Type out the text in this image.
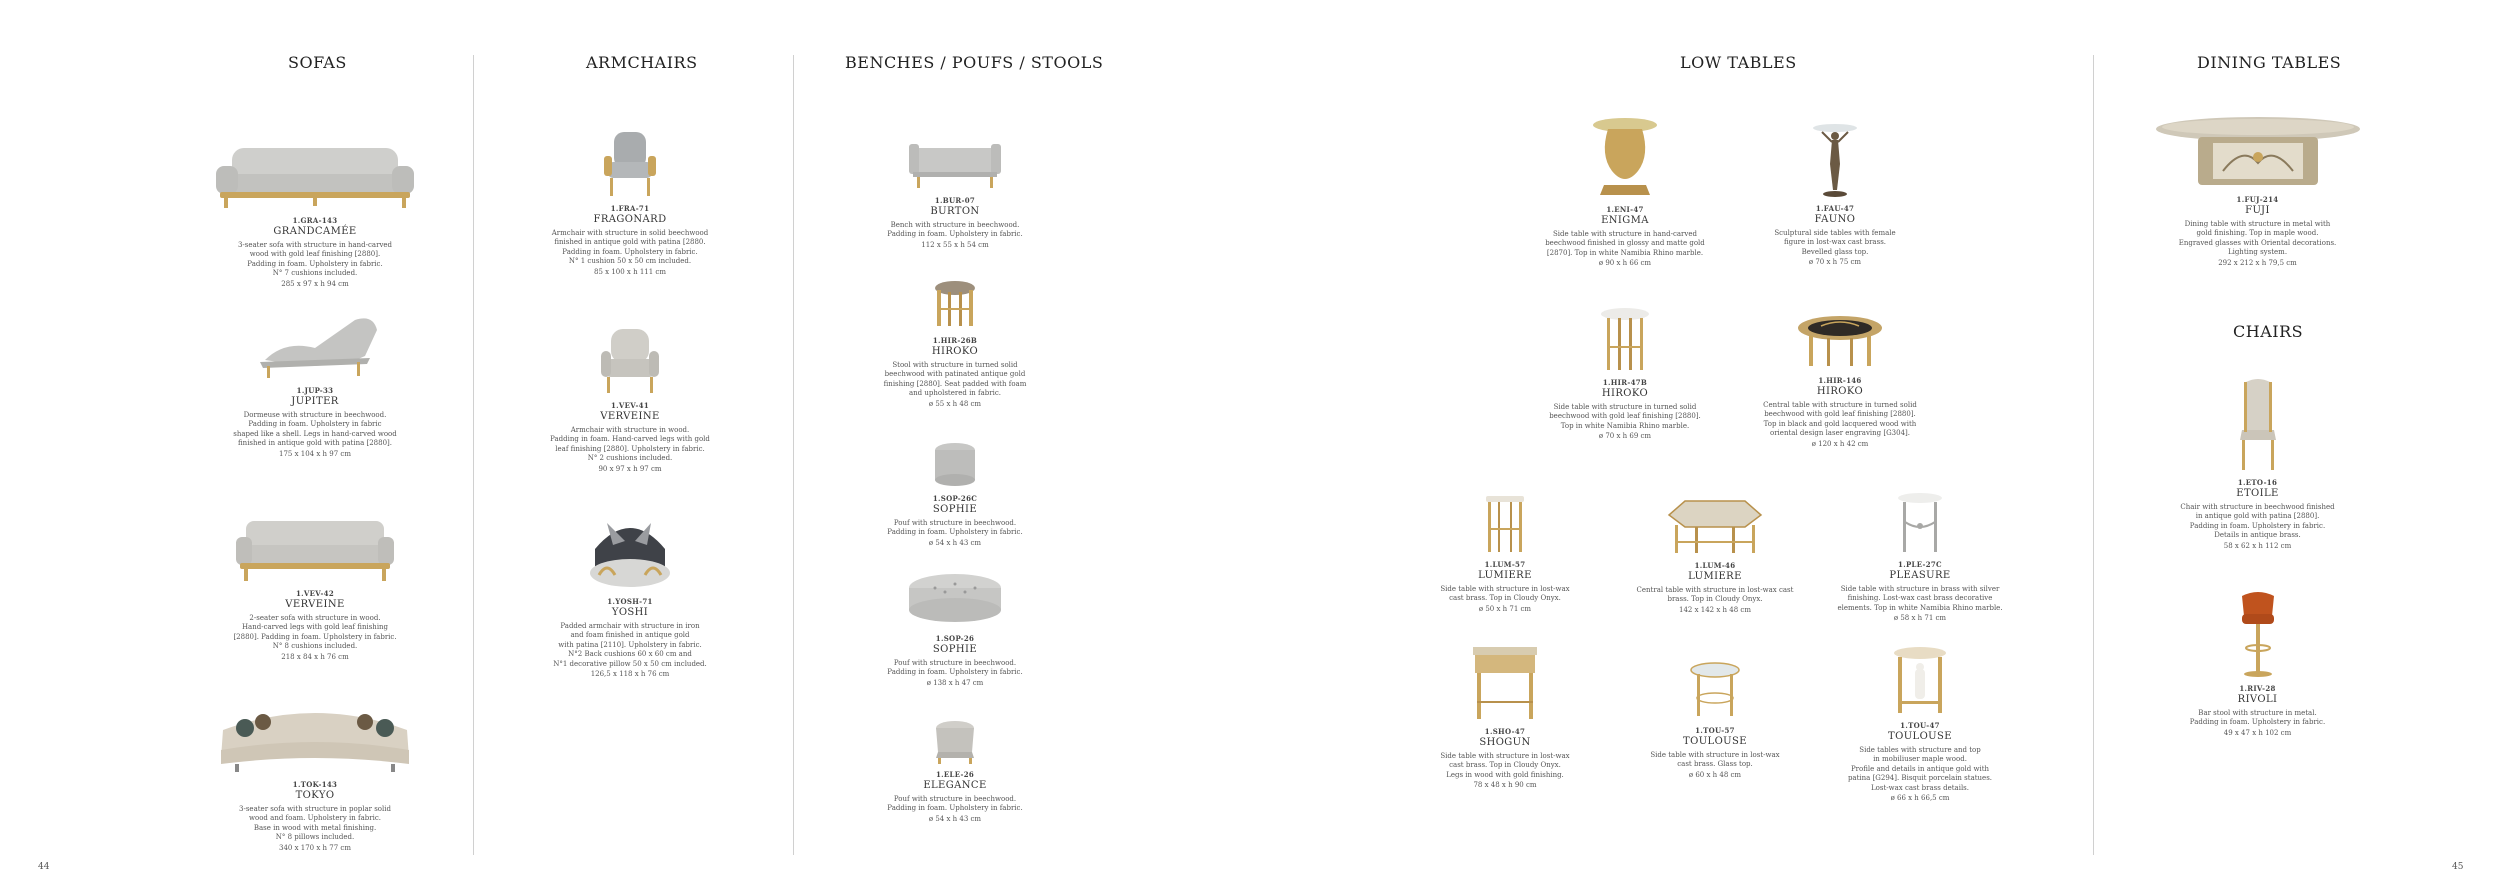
SOFAS	ARMCHAIRS	BENCHES / POUFS / STOOLS	LOW TABLES	DINING TABLES
CHAIRS
1.GRA-143
GRANDCAMÉE
3-seater sofa with structure in hand-carved
wood with gold leaf finishing [2880].
Padding in foam. Upholstery in fabric.
N° 7 cushions included.
285 x 97 x h 94 cm
1.JUP-33
JUPITER
Dormeuse with structure in beechwood.
Padding in foam. Upholstery in fabric
shaped like a shell. Legs in hand-carved wood
finished in antique gold with patina [2880].
175 x 104 x h 97 cm
1.VEV-42
VERVEINE
2-seater sofa with structure in wood.
Hand-carved legs with gold leaf finishing
[2880]. Padding in foam. Upholstery in fabric.
N° 8 cushions included.
218 x 84 x h 76 cm
1.TOK-143
TOKYO
3-seater sofa with structure in poplar solid
wood and foam. Upholstery in fabric.
Base in wood with metal finishing.
N° 8 pillows included.
340 x 170 x h 77 cm
1.FRA-71
FRAGONARD
Armchair with structure in solid beechwood
finished in antique gold with patina [2880.
Padding in foam. Upholstery in fabric.
N° 1 cushion 50 x 50 cm included.
85 x 100 x h 111 cm
1.VEV-41
VERVEINE
Armchair with structure in wood.
Padding in foam. Hand-carved legs with gold
leaf finishing [2880]. Upholstery in fabric.
N° 2 cushions included.
90 x 97 x h 97 cm
1.YOSH-71
YOSHI
Padded armchair with structure in iron
and foam finished in antique gold
with patina [2110]. Upholstery in fabric.
N°2 Back cushions 60 x 60 cm and
N°1 decorative pillow 50 x 50 cm included.
126,5 x 118 x h 76 cm
1.BUR-07
BURTON
Bench with structure in beechwood.
Padding in foam. Upholstery in fabric.
112 x 55 x h 54 cm
1.HIR-26B
HIROKO
Stool with structure in turned solid
beechwood with patinated antique gold
finishing [2880]. Seat padded with foam
and upholstered in fabric.
ø 55 x h 48 cm
1.SOP-26C
SOPHIE
Pouf with structure in beechwood.
Padding in foam. Upholstery in fabric.
ø 54 x h 43 cm
1.SOP-26
SOPHIE
Pouf with structure in beechwood.
Padding in foam. Upholstery in fabric.
ø 138 x h 47 cm
1.ELE-26
ELEGANCE
Pouf with structure in beechwood.
Padding in foam. Upholstery in fabric.
ø 54 x h 43 cm
1.ENI-47
ENIGMA
Side table with structure in hand-carved
beechwood finished in glossy and matte gold
[2870]. Top in white Namibia Rhino marble.
ø 90 x h 66 cm
1.FAU-47
FAUNO
Sculptural side tables with female
figure in lost-wax cast brass.
Bevelled glass top.
ø 70 x h 75 cm
1.HIR-47B
HIROKO
Side table with structure in turned solid
beechwood with gold leaf finishing [2880].
Top in white Namibia Rhino marble.
ø 70 x h 69 cm
1.HIR-146
HIROKO
Central table with structure in turned solid
beechwood with gold leaf finishing [2880].
Top in black and gold lacquered wood with
oriental design laser engraving [G304].
ø 120 x h 42 cm
1.LUM-57
LUMIERE
Side table with structure in lost-wax
cast brass. Top in Cloudy Onyx.
ø 50 x h 71 cm
1.LUM-46
LUMIERE
Central table with structure in lost-wax cast
brass. Top in Cloudy Onyx.
142 x 142 x h 48 cm
1.PLE-27C
PLEASURE
Side table with structure in brass with silver
finishing. Lost-wax cast brass decorative
elements. Top in white Namibia Rhino marble.
ø 58 x h 71 cm
1.SHO-47
SHOGUN
Side table with structure in lost-wax
cast brass. Top in Cloudy Onyx.
Legs in wood with gold finishing.
78 x 48 x h 90 cm
1.TOU-57
TOULOUSE
Side table with structure in lost-wax
cast brass. Glass top.
ø 60 x h 48 cm
1.TOU-47
TOULOUSE
Side tables with structure and top
in mobiliuser maple wood.
Profile and details in antique gold with
patina [G294]. Bisquit porcelain statues.
Lost-wax cast brass details.
ø 66 x h 66,5 cm
1.FUJ-214
FUJI
Dining table with structure in metal with
gold finishing. Top in maple wood.
Engraved glasses with Oriental decorations.
Lighting system.
292 x 212 x h 79,5 cm
1.ETO-16
ETOILE
Chair with structure in beechwood finished
in antique gold with patina [2880].
Padding in foam. Upholstery in fabric.
Details in antique brass.
58 x 62 x h 112 cm
1.RIV-28
RIVOLI
Bar stool with structure in metal.
Padding in foam. Upholstery in fabric.
49 x 47 x h 102 cm
44	45
